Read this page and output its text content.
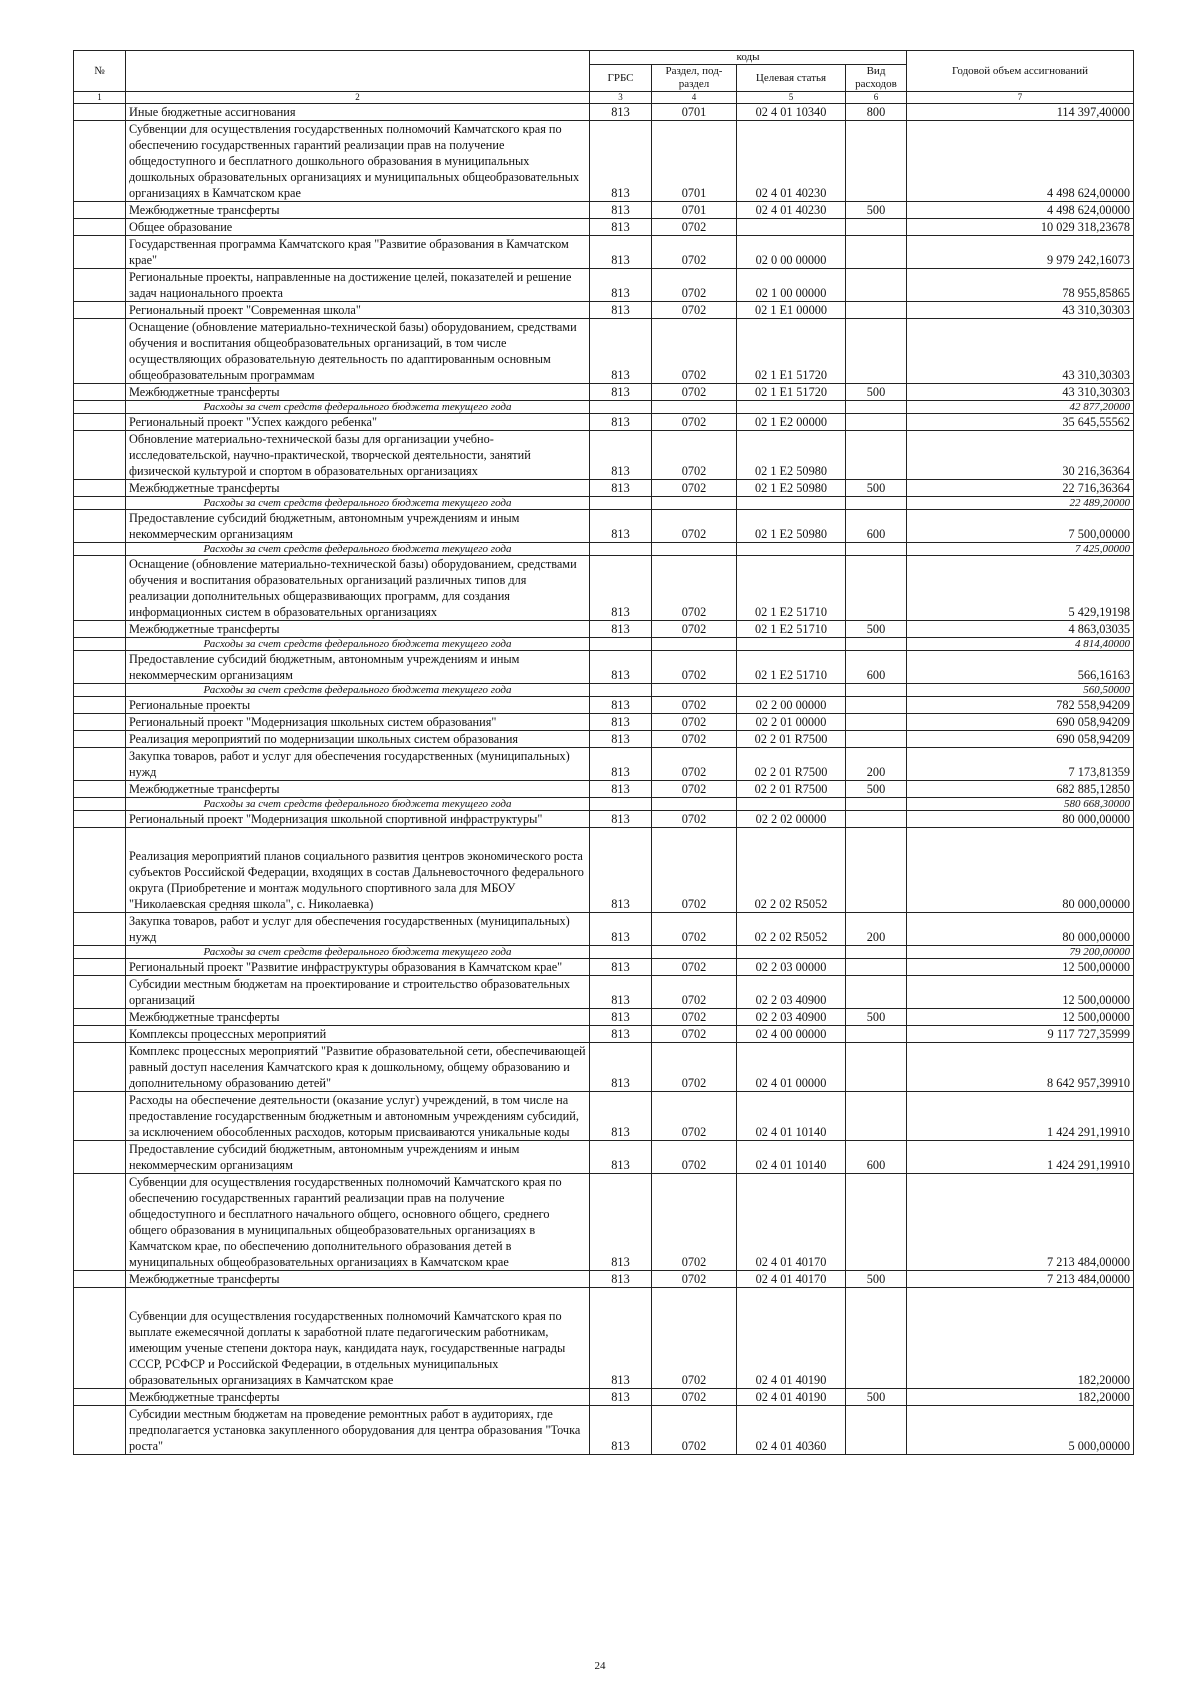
№		коды				Годовой объем ассигнований
		ГРБС	Раздел, под-раздел	Целевая статья	Вид расходов	
1	2	3	4	5	6	7
	Иные бюджетные ассигнования	813	0701	02 4 01 10340	800	114 397,40000
	Субвенции для осуществления государственных полномочий Камчатского края по обеспечению государственных гарантий реализации прав на получение общедоступного и бесплатного дошкольного образования в муниципальных дошкольных образовательных организациях и муниципальных общеобразовательных организациях в Камчатском крае	813	0701	02 4 01 40230		4 498 624,00000
	Межбюджетные трансферты	813	0701	02 4 01 40230	500	4 498 624,00000
	Общее образование	813	0702			10 029 318,23678
	Государственная программа Камчатского края "Развитие образования в Камчатском крае"	813	0702	02 0 00 00000		9 979 242,16073
	Региональные проекты, направленные на достижение целей, показателей и решение задач национального проекта	813	0702	02 1 00 00000		78 955,85865
	Региональный проект "Современная школа"	813	0702	02 1 Е1 00000		43 310,30303
	Оснащение (обновление материально-технической базы) оборудованием, средствами обучения и воспитания общеобразовательных организаций, в том числе осуществляющих образовательную деятельность по адаптированным основным общеобразовательным программам	813	0702	02 1 Е1 51720		43 310,30303
	Межбюджетные трансферты	813	0702	02 1 Е1 51720	500	43 310,30303
	Расходы за счет средств федерального бюджета текущего года					42 877,20000
	Региональный проект "Успех каждого ребенка"	813	0702	02 1 Е2 00000		35 645,55562
	Обновление материально-технической базы для организации учебно-исследовательской, научно-практической, творческой деятельности, занятий физической культурой и спортом в образовательных организациях	813	0702	02 1 Е2 50980		30 216,36364
	Межбюджетные трансферты	813	0702	02 1 Е2 50980	500	22 716,36364
	Расходы за счет средств федерального бюджета текущего года					22 489,20000
	Предоставление субсидий бюджетным, автономным учреждениям и иным некоммерческим организациям	813	0702	02 1 Е2 50980	600	7 500,00000
	Расходы за счет средств федерального бюджета текущего года					7 425,00000
	Оснащение (обновление материально-технической базы) оборудованием, средствами обучения и воспитания образовательных организаций различных типов для реализации дополнительных общеразвивающих программ, для создания информационных систем в образовательных организациях	813	0702	02 1 Е2 51710		5 429,19198
	Межбюджетные трансферты	813	0702	02 1 Е2 51710	500	4 863,03035
	Расходы за счет средств федерального бюджета текущего года					4 814,40000
	Предоставление субсидий бюджетным, автономным учреждениям и иным некоммерческим организациям	813	0702	02 1 Е2 51710	600	566,16163
	Расходы за счет средств федерального бюджета текущего года					560,50000
	Региональные проекты	813	0702	02 2 00 00000		782 558,94209
	Региональный проект "Модернизация школьных систем образования"	813	0702	02 2 01 00000		690 058,94209
	Реализация мероприятий по модернизации школьных систем образования	813	0702	02 2 01 R7500		690 058,94209
	Закупка товаров, работ и услуг для обеспечения государственных (муниципальных) нужд	813	0702	02 2 01 R7500	200	7 173,81359
	Межбюджетные трансферты	813	0702	02 2 01 R7500	500	682 885,12850
	Расходы за счет средств федерального бюджета текущего года					580 668,30000
	Региональный проект "Модернизация школьной спортивной инфраструктуры"	813	0702	02 2 02 00000		80 000,00000
	Реализация мероприятий планов социального развития центров экономического роста субъектов Российской Федерации, входящих в состав Дальневосточного федерального округа (Приобретение и монтаж модульного спортивного зала для МБОУ "Николаевская средняя школа", с. Николаевка)	813	0702	02 2 02 R5052		80 000,00000
	Закупка товаров, работ и услуг для обеспечения государственных (муниципальных) нужд	813	0702	02 2 02 R5052	200	80 000,00000
	Расходы за счет средств федерального бюджета текущего года					79 200,00000
	Региональный проект "Развитие инфраструктуры образования в Камчатском крае"	813	0702	02 2 03 00000		12 500,00000
	Субсидии местным бюджетам на проектирование и строительство образовательных организаций	813	0702	02 2 03 40900		12 500,00000
	Межбюджетные трансферты	813	0702	02 2 03 40900	500	12 500,00000
	Комплексы процессных мероприятий	813	0702	02 4 00 00000		9 117 727,35999
	Комплекс процессных мероприятий "Развитие образовательной сети, обеспечивающей равный доступ населения Камчатского края к дошкольному, общему образованию и дополнительному образованию детей"	813	0702	02 4 01 00000		8 642 957,39910
	Расходы на обеспечение деятельности (оказание услуг) учреждений, в том числе на предоставление государственным бюджетным и автономным учреждениям субсидий, за исключением обособленных расходов, которым присваиваются уникальные коды	813	0702	02 4 01 10140		1 424 291,19910
	Предоставление субсидий бюджетным, автономным учреждениям и иным некоммерческим организациям	813	0702	02 4 01 10140	600	1 424 291,19910
	Субвенции для осуществления государственных полномочий Камчатского края по обеспечению государственных гарантий реализации прав на получение общедоступного и бесплатного начального общего, основного общего, среднего общего образования в муниципальных общеобразовательных организациях в Камчатском крае, по обеспечению дополнительного образования детей в муниципальных общеобразовательных организациях в Камчатском крае	813	0702	02 4 01 40170		7 213 484,00000
	Межбюджетные трансферты	813	0702	02 4 01 40170	500	7 213 484,00000
	Субвенции для осуществления государственных полномочий Камчатского края по выплате ежемесячной доплаты к заработной плате педагогическим работникам, имеющим ученые степени доктора наук, кандидата наук, государственные награды СССР, РСФСР и Российской Федерации, в отдельных муниципальных образовательных организациях в Камчатском крае	813	0702	02 4 01 40190		182,20000
	Межбюджетные трансферты	813	0702	02 4 01 40190	500	182,20000
	Субсидии местным бюджетам на проведение ремонтных работ в аудиториях, где предполагается установка закупленного оборудования для центра образования "Точка роста"	813	0702	02 4 01 40360		5 000,00000
24
